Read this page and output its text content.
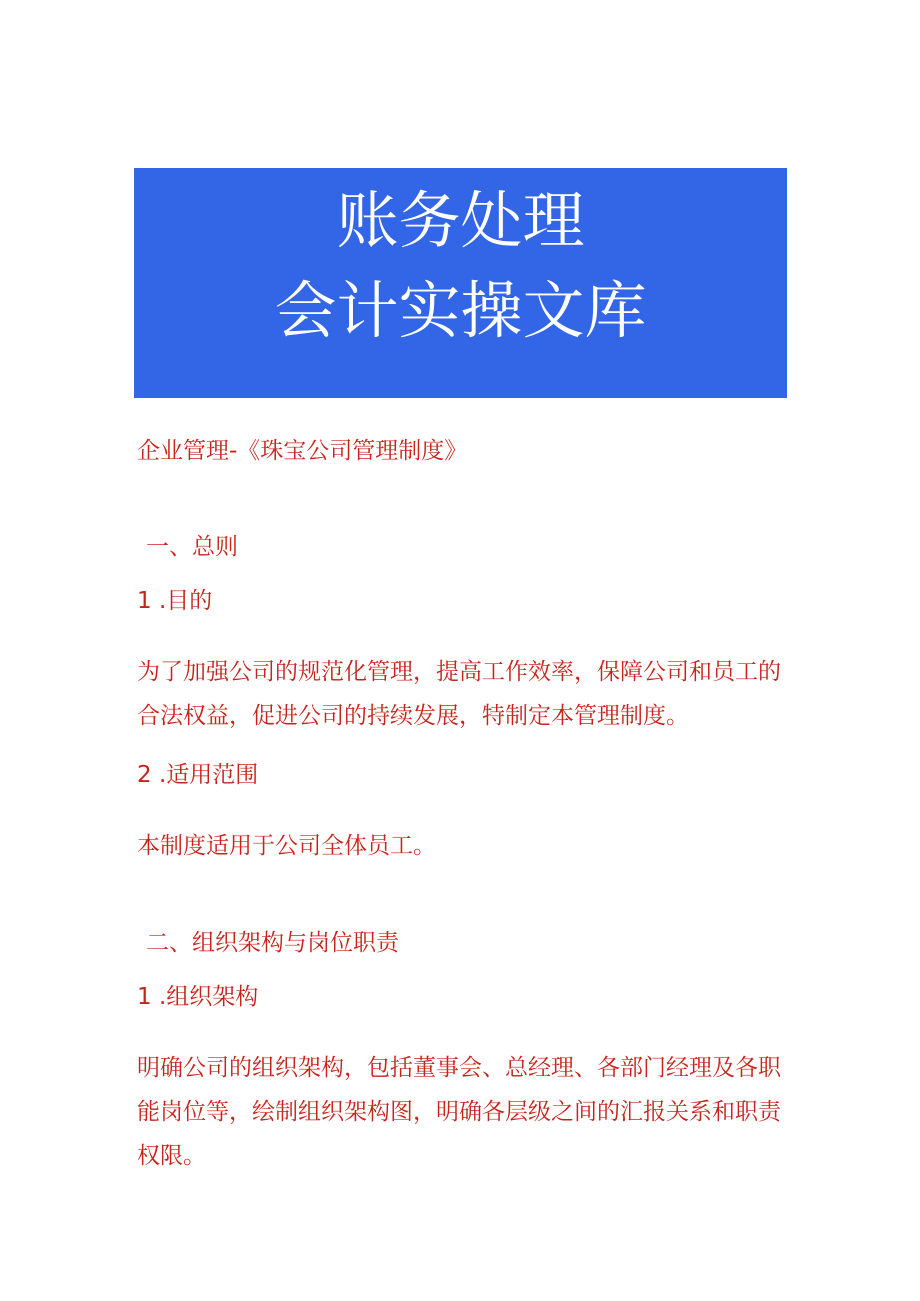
账务处理
会计实操文库
企业管理-《珠宝公司管理制度》
一、总则
1 .目的

为了加强公司的规范化管理，提高工作效率，保障公司和员工的合法权益，促进公司的持续发展，特制定本管理制度。

2 .适用范围

本制度适用于公司全体员工。

二、组织架构与岗位职责
1 .组织架构

明确公司的组织架构，包括董事会、总经理、各部门经理及各职能岗位等，绘制组织架构图，明确各层级之间的汇报关系和职责权限。
